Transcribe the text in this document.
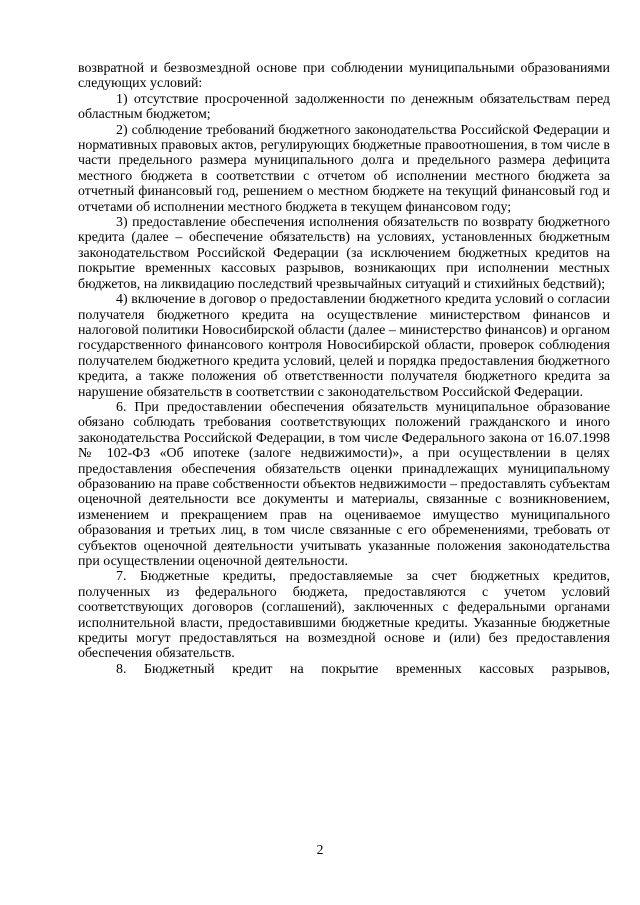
возвратной и безвозмездной основе при соблюдении муниципальными образованиями следующих условий:

1) отсутствие просроченной задолженности по денежным обязательствам перед областным бюджетом;

2) соблюдение требований бюджетного законодательства Российской Федерации и нормативных правовых актов, регулирующих бюджетные правоотношения, в том числе в части предельного размера муниципального долга и предельного размера дефицита местного бюджета в соответствии с отчетом об исполнении местного бюджета за отчетный финансовый год, решением о местном бюджете на текущий финансовый год и отчетами об исполнении местного бюджета в текущем финансовом году;

3) предоставление обеспечения исполнения обязательств по возврату бюджетного кредита (далее – обеспечение обязательств) на условиях, установленных бюджетным законодательством Российской Федерации (за исключением бюджетных кредитов на покрытие временных кассовых разрывов, возникающих при исполнении местных бюджетов, на ликвидацию последствий чрезвычайных ситуаций и стихийных бедствий);

4) включение в договор о предоставлении бюджетного кредита условий о согласии получателя бюджетного кредита на осуществление министерством финансов и налоговой политики Новосибирской области (далее – министерство финансов) и органом государственного финансового контроля Новосибирской области, проверок соблюдения получателем бюджетного кредита условий, целей и порядка предоставления бюджетного кредита, а также положения об ответственности получателя бюджетного кредита за нарушение обязательств в соответствии с законодательством Российской Федерации.

6. При предоставлении обеспечения обязательств муниципальное образование обязано соблюдать требования соответствующих положений гражданского и иного законодательства Российской Федерации, в том числе Федерального закона от 16.07.1998 № 102-ФЗ «Об ипотеке (залоге недвижимости)», а при осуществлении в целях предоставления обеспечения обязательств оценки принадлежащих муниципальному образованию на праве собственности объектов недвижимости – предоставлять субъектам оценочной деятельности все документы и материалы, связанные с возникновением, изменением и прекращением прав на оцениваемое имущество муниципального образования и третьих лиц, в том числе связанные с его обременениями, требовать от субъектов оценочной деятельности учитывать указанные положения законодательства при осуществлении оценочной деятельности.

7. Бюджетные кредиты, предоставляемые за счет бюджетных кредитов, полученных из федерального бюджета, предоставляются с учетом условий соответствующих договоров (соглашений), заключенных с федеральными органами исполнительной власти, предоставившими бюджетные кредиты. Указанные бюджетные кредиты могут предоставляться на возмездной основе и (или) без предоставления обеспечения обязательств.

8. Бюджетный кредит на покрытие временных кассовых разрывов,

2
